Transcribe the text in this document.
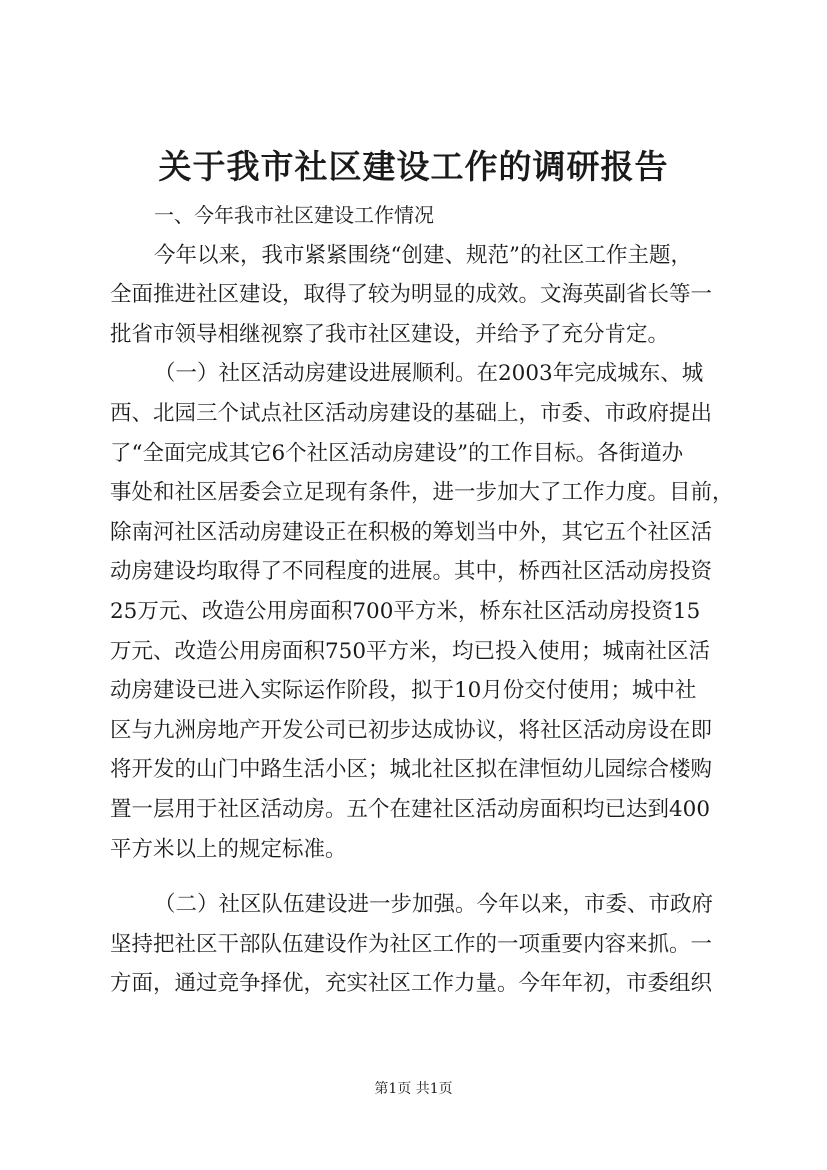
关于我市社区建设工作的调研报告
一、今年我市社区建设工作情况
今年以来，我市紧紧围绕“创建、规范”的社区工作主题，
全面推进社区建设，取得了较为明显的成效。文海英副省长等一
批省市领导相继视察了我市社区建设，并给予了充分肯定。
（一）社区活动房建设进展顺利。在2003年完成城东、城
西、北园三个试点社区活动房建设的基础上，市委、市政府提出
了“全面完成其它6个社区活动房建设”的工作目标。各街道办
事处和社区居委会立足现有条件，进一步加大了工作力度。目前，
除南河社区活动房建设正在积极的筹划当中外，其它五个社区活
动房建设均取得了不同程度的进展。其中，桥西社区活动房投资
25万元、改造公用房面积700平方米，桥东社区活动房投资15
万元、改造公用房面积750平方米，均已投入使用；城南社区活
动房建设已进入实际运作阶段，拟于10月份交付使用；城中社
区与九洲房地产开发公司已初步达成协议，将社区活动房设在即
将开发的山门中路生活小区；城北社区拟在津恒幼儿园综合楼购
置一层用于社区活动房。五个在建社区活动房面积均已达到400
平方米以上的规定标准。
（二）社区队伍建设进一步加强。今年以来，市委、市政府
坚持把社区干部队伍建设作为社区工作的一项重要内容来抓。一
方面，通过竞争择优，充实社区工作力量。今年年初，市委组织
第1页 共1页
